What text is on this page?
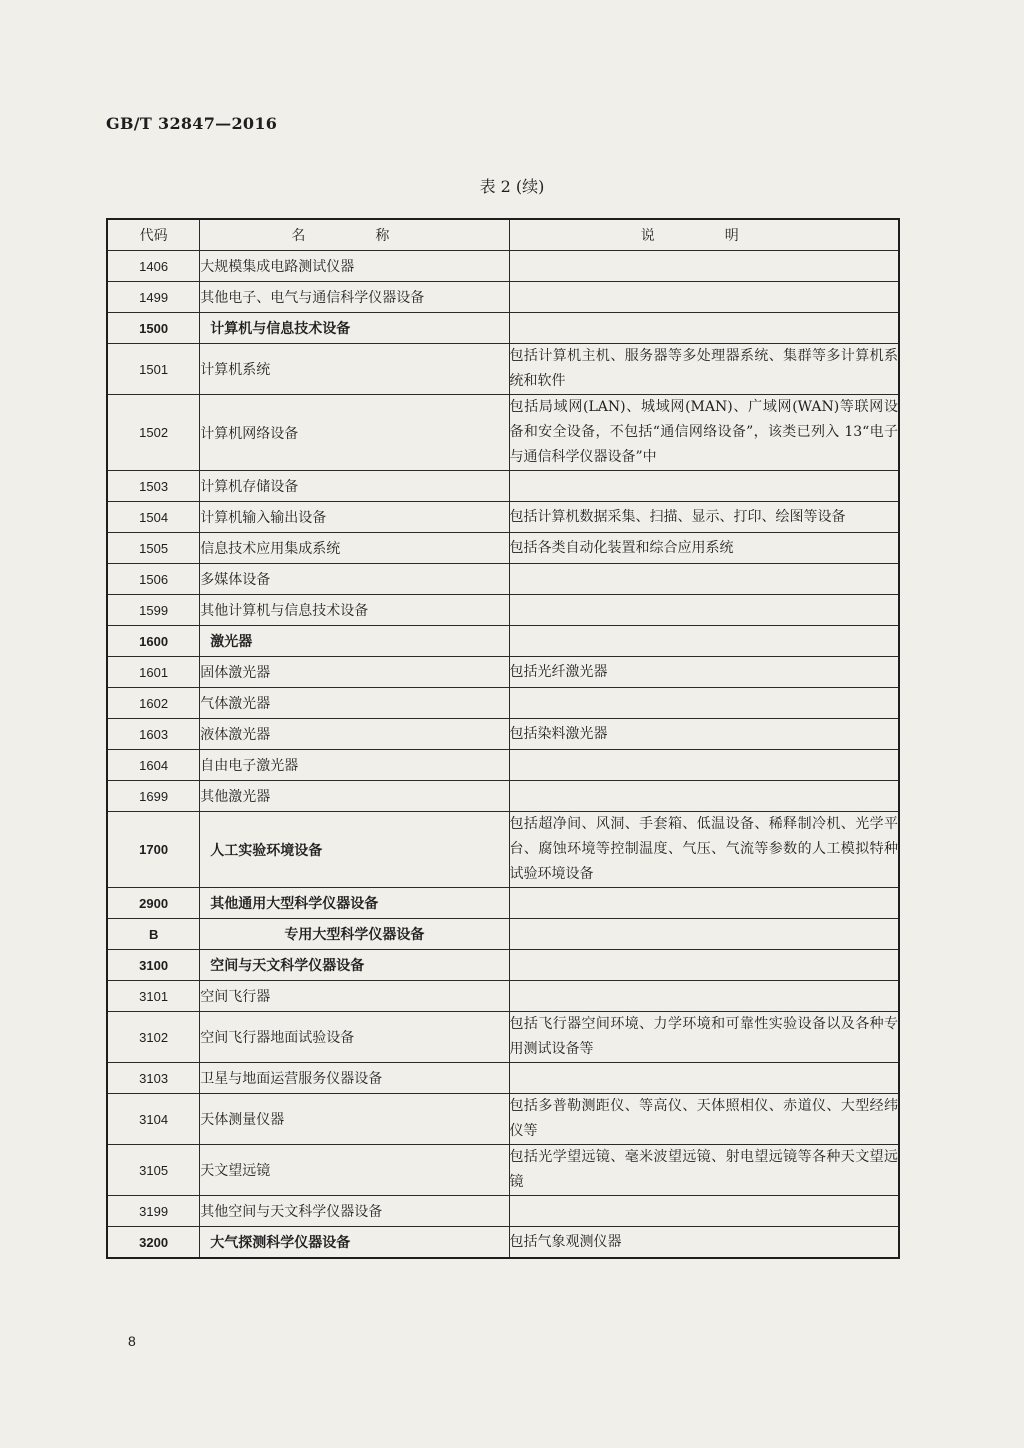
GB/T 32847—2016
表 2 (续)
代码	名　称	说　明
1406	大规模集成电路测试仪器	
1499	其他电子、电气与通信科学仪器设备	
1500	计算机与信息技术设备	
1501	计算机系统	包括计算机主机、服务器等多处理器系统、集群等多计算机系统和软件
1502	计算机网络设备	包括局域网(LAN)、城域网(MAN)、广域网(WAN)等联网设备和安全设备，不包括“通信网络设备”，该类已列入 13“电子与通信科学仪器设备”中
1503	计算机存储设备	
1504	计算机输入输出设备	包括计算机数据采集、扫描、显示、打印、绘图等设备
1505	信息技术应用集成系统	包括各类自动化装置和综合应用系统
1506	多媒体设备	
1599	其他计算机与信息技术设备	
1600	激光器	
1601	固体激光器	包括光纤激光器
1602	气体激光器	
1603	液体激光器	包括染料激光器
1604	自由电子激光器	
1699	其他激光器	
1700	人工实验环境设备	包括超净间、风洞、手套箱、低温设备、稀释制冷机、光学平台、腐蚀环境等控制温度、气压、气流等参数的人工模拟特种试验环境设备
2900	其他通用大型科学仪器设备	
B	专用大型科学仪器设备	
3100	空间与天文科学仪器设备	
3101	空间飞行器	
3102	空间飞行器地面试验设备	包括飞行器空间环境、力学环境和可靠性实验设备以及各种专用测试设备等
3103	卫星与地面运营服务仪器设备	
3104	天体测量仪器	包括多普勒测距仪、等高仪、天体照相仪、赤道仪、大型经纬仪等
3105	天文望远镜	包括光学望远镜、毫米波望远镜、射电望远镜等各种天文望远镜
3199	其他空间与天文科学仪器设备	
3200	大气探测科学仪器设备	包括气象观测仪器
8
